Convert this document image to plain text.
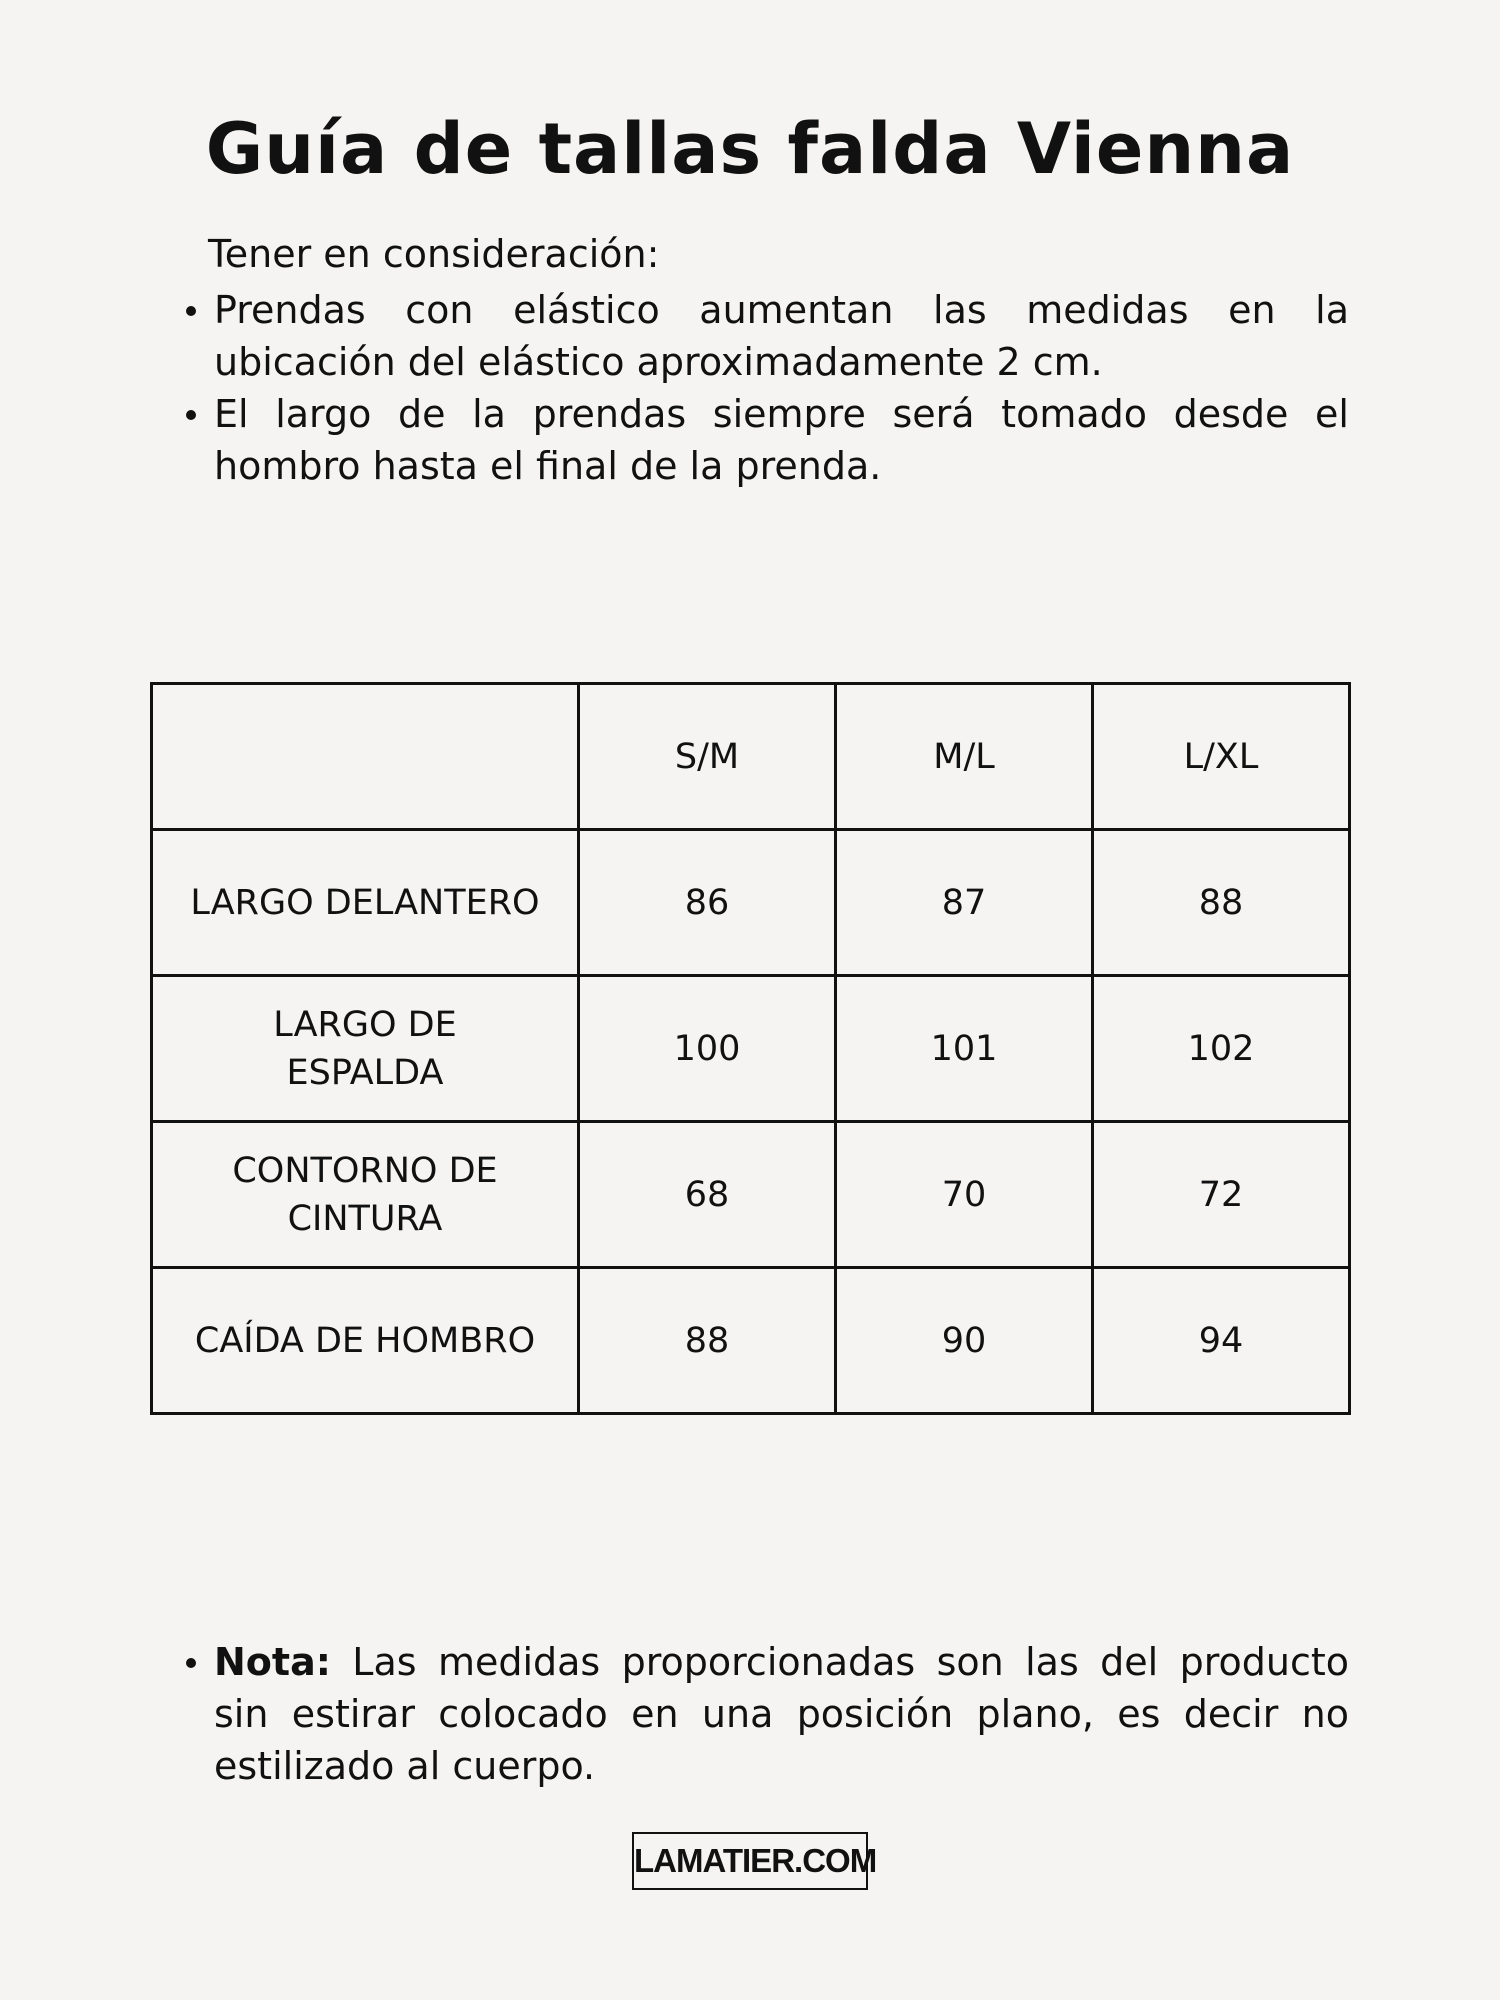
Guía de tallas falda Vienna

Tener en consideración:

Prendas con elástico aumentan las medidas en la ubicación del elástico aproximadamente 2 cm.
El largo de la prendas siempre será tomado desde el hombro hasta el final de la prenda.
	S/M	M/L	L/XL
LARGO DELANTERO	86	87	88
LARGO DE ESPALDA	100	101	102
CONTORNO DE CINTURA	68	70	72
CAÍDA DE HOMBRO	88	90	94

Nota: Las medidas proporcionadas son las del producto sin estirar colocado en una posición plano, es decir no estilizado al cuerpo.

LAMATIER.COM
